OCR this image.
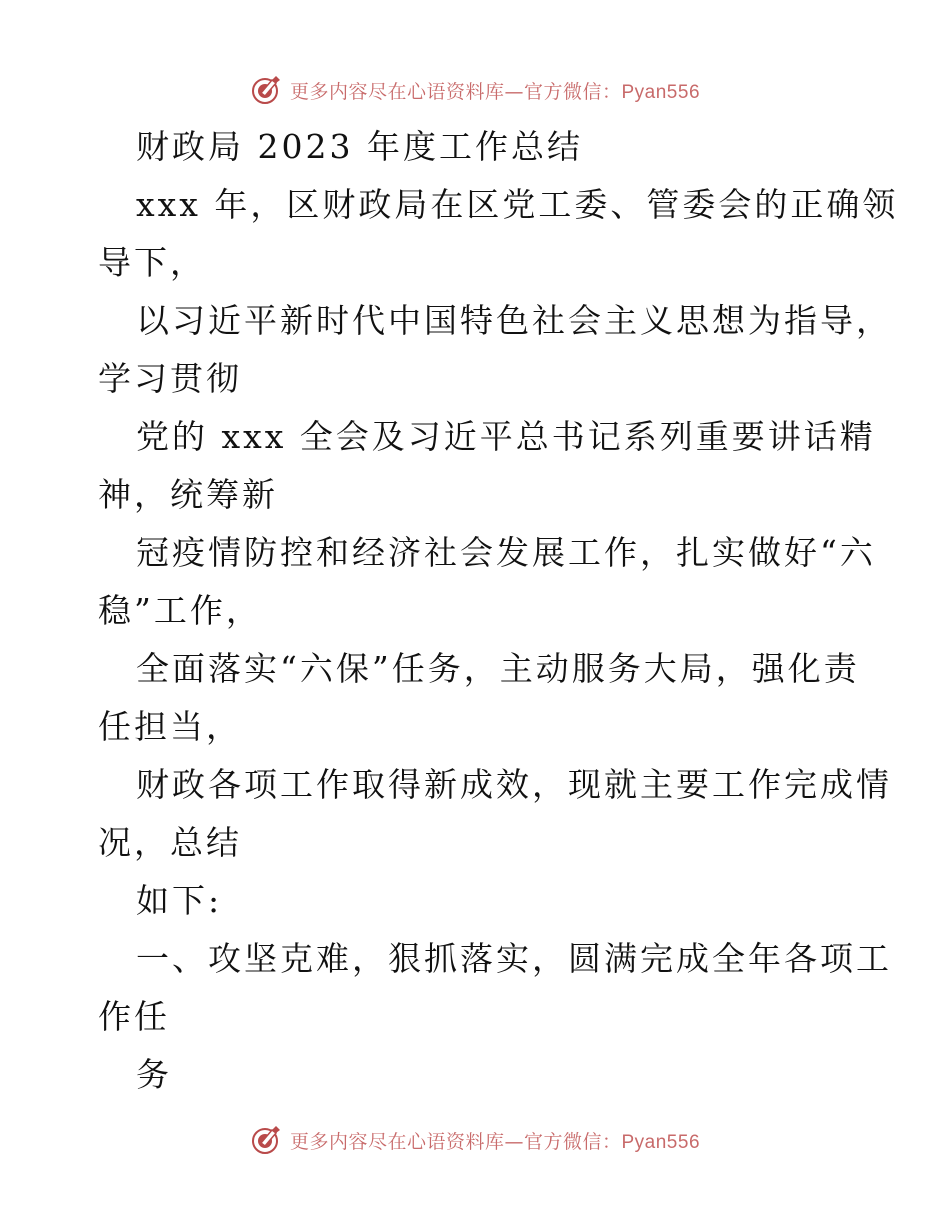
更多内容尽在心语资料库—官方微信：Pyan556
财政局 2023 年度工作总结
xxx 年，区财政局在区党工委、管委会的正确领
导下，
以习近平新时代中国特色社会主义思想为指导，
学习贯彻
党的 xxx 全会及习近平总书记系列重要讲话精
神，统筹新
冠疫情防控和经济社会发展工作，扎实做好“六
稳”工作，
全面落实“六保”任务，主动服务大局，强化责
任担当，
财政各项工作取得新成效，现就主要工作完成情
况，总结
如下:
一、攻坚克难，狠抓落实，圆满完成全年各项工
作任
务
更多内容尽在心语资料库—官方微信：Pyan556
